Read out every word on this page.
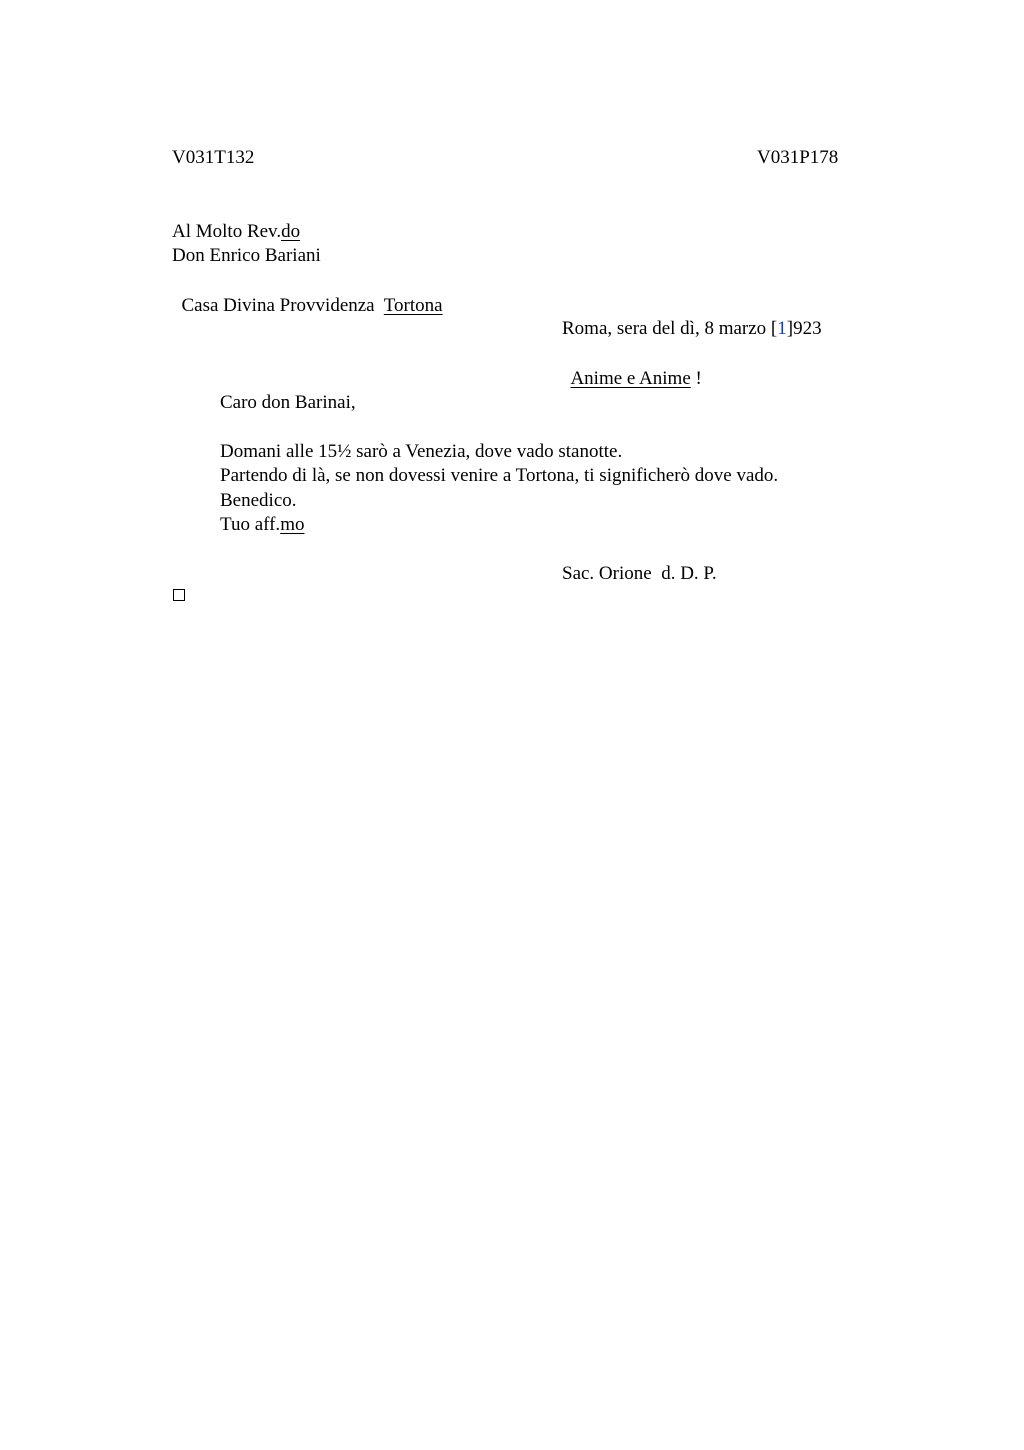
V031T132	V031P178
Al Molto Rev.do
Don Enrico Bariani

Casa Divina Provvidenza  Tortona

Roma, sera del dì, 8 marzo [1]923

Anime e Anime !

Caro don Barinai,
Domani alle 15½ sarò a Venezia, dove vado stanotte.
Partendo di là, se non dovessi venire a Tortona, ti significherò dove vado.
Benedico.
Tuo aff.mo
Sac. Orione  d. D. P.
